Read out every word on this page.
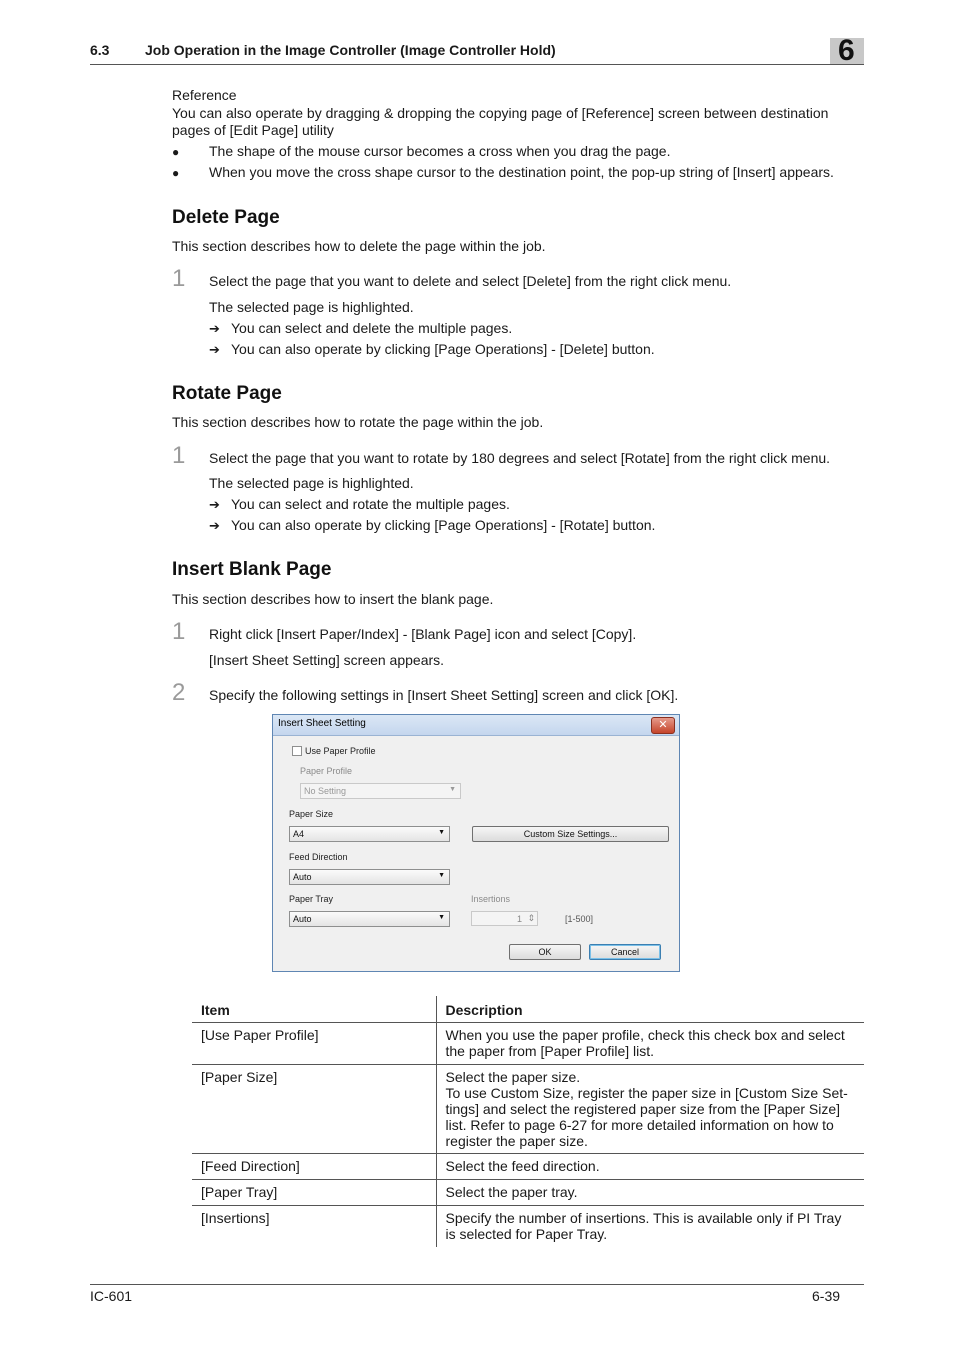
6.3	Job Operation in the Image Controller (Image Controller Hold)	6
Reference
You can also operate by dragging & dropping the copying page of [Reference] screen between destination
pages of [Edit Page] utility
● The shape of the mouse cursor becomes a cross when you drag the page.
● When you move the cross shape cursor to the destination point, the pop-up string of [Insert] appears.
Delete Page
This section describes how to delete the page within the job.
1 Select the page that you want to delete and select [Delete] from the right click menu.
The selected page is highlighted.
➔ You can select and delete the multiple pages.
➔ You can also operate by clicking [Page Operations] - [Delete] button.
Rotate Page
This section describes how to rotate the page within the job.
1 Select the page that you want to rotate by 180 degrees and select [Rotate] from the right click menu.
The selected page is highlighted.
➔ You can select and rotate the multiple pages.
➔ You can also operate by clicking [Page Operations] - [Rotate] button.
Insert Blank Page
This section describes how to insert the blank page.
1 Right click [Insert Paper/Index] - [Blank Page] icon and select [Copy].
[Insert Sheet Setting] screen appears.
2 Specify the following settings in [Insert Sheet Setting] screen and click [OK].
Insert Sheet Setting	✕
Use Paper Profile
Paper Profile
No Setting	▼
Paper Size
A4	▼	Custom Size Settings...
Feed Direction
Auto	▼
Paper Tray
Auto	▼
Insertions
1 ⇕	[1-500]
OK	Cancel
Item	Description
[Use Paper Profile]	When you use the paper profile, check this check box and select
the paper from [Paper Profile] list.

[Paper Size]	Select the paper size.
To use Custom Size, register the paper size in [Custom Size Set-
tings] and select the registered paper size from the [Paper Size]
list. Refer to page 6-27 for more detailed information on how to
register the paper size.

[Feed Direction]	Select the feed direction.

[Paper Tray]	Select the paper tray.

[Insertions]	Specify the number of insertions. This is available only if PI Tray
is selected for Paper Tray.
IC-601	6-39
